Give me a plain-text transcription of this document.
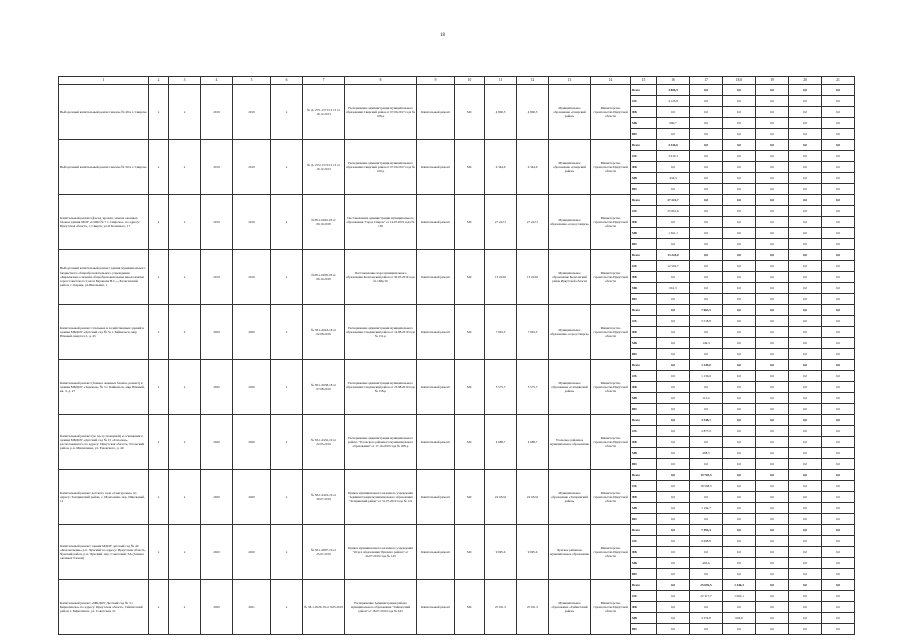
18
1	2	3	4	5	6	7	8	9	10	11	12	13	14	15	16	17	18,0	19	20	21
Выборочный капитальный ремонт школы № 49 в г. Свирске	x	x	2019	2019	x	№ Д-1371-1571/13 13 от 10.12.2013	Распоряжение администрации муниципального образования Свирский район от 07.06.2017 года № 108-р	Капитальный ремонт	МС	4 806,5	4 806,5	Муниципальное образование «Свирский район»	Министерство строительства Иркутской области	Всего	4 806,5	0,0	0,0	0,0	0,0	0,0
														ОБ	4 125,8	0,0	0,0	0,0	0,0	0,0
														ФБ	0,0	0,0	0,0	0,0	0,0	0,0
														МБ	680,7	0,0	0,0	0,0	0,0	0,0
														ВИ	0,0	0,0	0,0	0,0	0,0	0,0
Выборочный капитальный ремонт школы № 50 в г. Свирске	x	x	2019	2019	x	№ Д-1372-1572/13 13 от 10.12.2013	Распоряжение администрации муниципального образования Свирский район от 07.06.2017 года № 109-р	Капитальный ремонт	МС	4 344,6	4 344,6	Муниципальное образование «Свирский район»	Министерство строительства Иркутской области	Всего	4 344,6	0,0	0,0	0,0	0,0	0,0
														ОБ	3 910,3	0,0	0,0	0,0	0,0	0,0
														ФБ	0,0	0,0	0,0	0,0	0,0	0,0
														МБ	434,3	0,0	0,0	0,0	0,0	0,0
														ВИ	0,0	0,0	0,0	0,0	0,0	0,0
Капитальный ремонт (фасад, кровля, замена оконных блоков здания МОУ «СОШ № 7 г. Свирска», по адресу: Иркутская область, г. Свирск, ул.О Кошевого, 17	x	x	2019	2019	x	№38-1-0026-18 от 09.10.2018	Постановление администрации муниципального образования "Город Свирск" от 14.03.2019 года № 139	Капитальный ремонт	МС	27 222,7	27 222,7	Муниципальное образование «город Свирск»	Министерство строительства Иркутской области	Всего	27 222,7	0,0	0,0	0,0	0,0	0,0
														ОБ	25 861,6	0,0	0,0	0,0	0,0	0,0
														ФБ	0,0	0,0	0,0	0,0	0,0	0,0
														МБ	1 361,1	0,0	0,0	0,0	0,0	0,0
														ВИ	0,0	0,0	0,0	0,0	0,0	0,0
Выборочный капитальный ремонт здания муниципального бюджетного общеобразовательного учреждения «Карымская основная общеобразовательная школа имени героя Советского Союза Баранова В.С.», Балаганский район, с. Карым, ул.Школьная, 1	x	x	2019	2019	x	№38-1-0028-18 от 09.10.2018	Постановление мэра муниципального образования Балаганский район от 30.05.2019 года № 168р/19	Капитальный ремонт	МС	13 224,0	13 224,0	Муниципальное образование Балаганский район Иркутской области	Министерство строительства Иркутской области	Всего	13 224,0	0,0	0,0	0,0	0,0	0,0
														ОБ	12 562,7	0,0	0,0	0,0	0,0	0,0
														ФБ	0,0	0,0	0,0	0,0	0,0	0,0
														МБ	661,3	0,0	0,0	0,0	0,0	0,0
														ВИ	0,0	0,0	0,0	0,0	0,0	0,0
Капитальный ремонт спальных и хозяйственных зданий в здании МБДОУ «Детский сад № 5» г. Байкальск, мкр Южный, квартал 2, д. 43	x	x	2020	2020	x	№ 38-1-0043-18 от 02.08.2019	Распоряжение администрации муниципального образования Слюдянский район от 14.08.2019 года № 151-р	Капитальный ремонт	МС	7 663,5	7 663,5	Муниципальное образование «город Свирск»	Министерство строительства Иркутской области	Всего	0,0	7 663,5	0,0	0,0	0,0	0,0
														ОБ	0,0	5 518,8	0,0	0,0	0,0	0,0
														ФБ	0,0	0,0	0,0	0,0	0,0	0,0
														МБ	0,0	149,3	0,0	0,0	0,0	0,0
														ВИ	0,0	0,0	0,0	0,0	0,0	0,0
Капитальный ремонт (Замена оконных блоков, ремонт) в здании МБДОУ «Теремок» № 3 г. Байкальск, мкр Южный, кв. 3, д. 27	x	x	2020	2020	x	№ 38-1-0638-18 от 07.08.2019	Распоряжение администрации муниципального образования Слюдянский район от 23.08.2019 года № 158-р	Капитальный ремонт	МС	3 575,7	3 575,7	Муниципальное образование «Слюдянский район»	Министерство строительства Иркутской области	Всего	0,0	1 249,0	0,0	0,0	0,0	0,0
														ОБ	0,0	1 136,6	0,0	0,0	0,0	0,0
														ФБ	0,0	0,0	0,0	0,0	0,0	0,0
														МБ	0,0	112,4	0,0	0,0	0,0	0,0
														ВИ	0,0	0,0	0,0	0,0	0,0	0,0
Капитальный ремонт (по пр-ту пожарной) и освещения в здании МБДОУ «Детский сад № 15 «Тополек», расположенного по адресу: Иркутская область, Усольский район, р.п. Мишелевка, ул. Ежовского, д. 49	x	x	2020	2020	x	№ 38-1-0432-19 от 22.05.2019	Распоряжение администрации муниципального района "Усольского районного муниципального образования" от 17.10.2019 года № 208-р	Капитальный ремонт	МС	4 688,7	4 688,7	Усольское районное муниципальное образование	Министерство строительства Иркутской области	Всего	0,0	3 348,1	0,0	0,0	0,0	0,0
														ОБ	0,0	2 877,6	0,0	0,0	0,0	0,0
														ФБ	0,0	0,0	0,0	0,0	0,0	0,0
														МБ	0,0	468,5	0,0	0,0	0,0	0,0
														ВИ	0,0	0,0	0,0	0,0	0,0	0,0
Капитальный ремонт детского сада «Снегурочка» по адресу: Заларинский район, с. Моисеевка, пер. Школьный, 11	x	x	2020	2020	x	№ 38-1-0419-19 от 30.07.2019	Приказ муниципального казенного учреждения "Администрация муниципального образования "Заларинский район" от 31.07.2019 года № 121	Капитальный ремонт	МС	24 182,0	24 182,0	Муниципальное образование «Заларинский район»	Министерство строительства Иркутской области	Всего	0,0	19 703,5	0,0	0,0	0,0	0,0
														ОБ	0,0	18 508,3	0,0	0,0	0,0	0,0
														ФБ	0,0	0,0	0,0	0,0	0,0	0,0
														МБ	0,0	1 194,7	0,0	0,0	0,0	0,0
														ВИ	0,0	0,0	0,0	0,0	0,0	0,0
Капитальный ремонт здания МДОУ детский сад № 40 «Колокольчик» р.п. Чунский по адресу: Иркутская область, Чунский район, р.п. Чунский, пер. Советский, 3А (Замена оконных блоков)	x	x	2020	2020	x	№ 38-1-0807-19 от 23.07.2019	Приказ муниципального казенного учреждения "Отдел образования Чунского района" от 24.07.2019 года № 143	Капитальный ремонт	МС	9 995,6	9 995,6	Чунское районное муниципальное образование	Министерство строительства Иркутской области	Всего	0,0	7 494,4	0,0	0,0	0,0	0,0
														ОБ	0,0	6 998,8	0,0	0,0	0,0	0,0
														ФБ	0,0	0,0	0,0	0,0	0,0	0,0
														МБ	0,0	495,6	0,0	0,0	0,0	0,0
														ВИ	0,0	0,0	0,0	0,0	0,0	0,0
Капитальный ремонт «МКДОУ Детский сад № 3 г. Бирюсинска» по адресу: Иркутская область, Тайшетский район, г. Бирюсинск, ул. Советская, 21	x	x	2020	2021	x	№ 38-1-0520-19 от 8.05.2019	Распоряжение Администрации района муниципального образования "Тайшетский район" от 18.07.2019 года № 443	Капитальный ремонт	МС	25 611,5	25 611,5	Муниципальное образование «Тайшетский район»	Министерство строительства Иркутской области	Всего	0,0	25 692,5	1 446,3	0,0	0,0	0,0
														ОБ	0,0	22 317,7	1 002,1	0,0	0,0	0,0
														ФБ	0,0	0,0	0,0	0,0	0,0	0,0
														МБ	0,0	3 374,8	604,0	0,0	0,0	0,0
														ВИ	0,0	0,0	0,0	0,0	0,0	0,0
